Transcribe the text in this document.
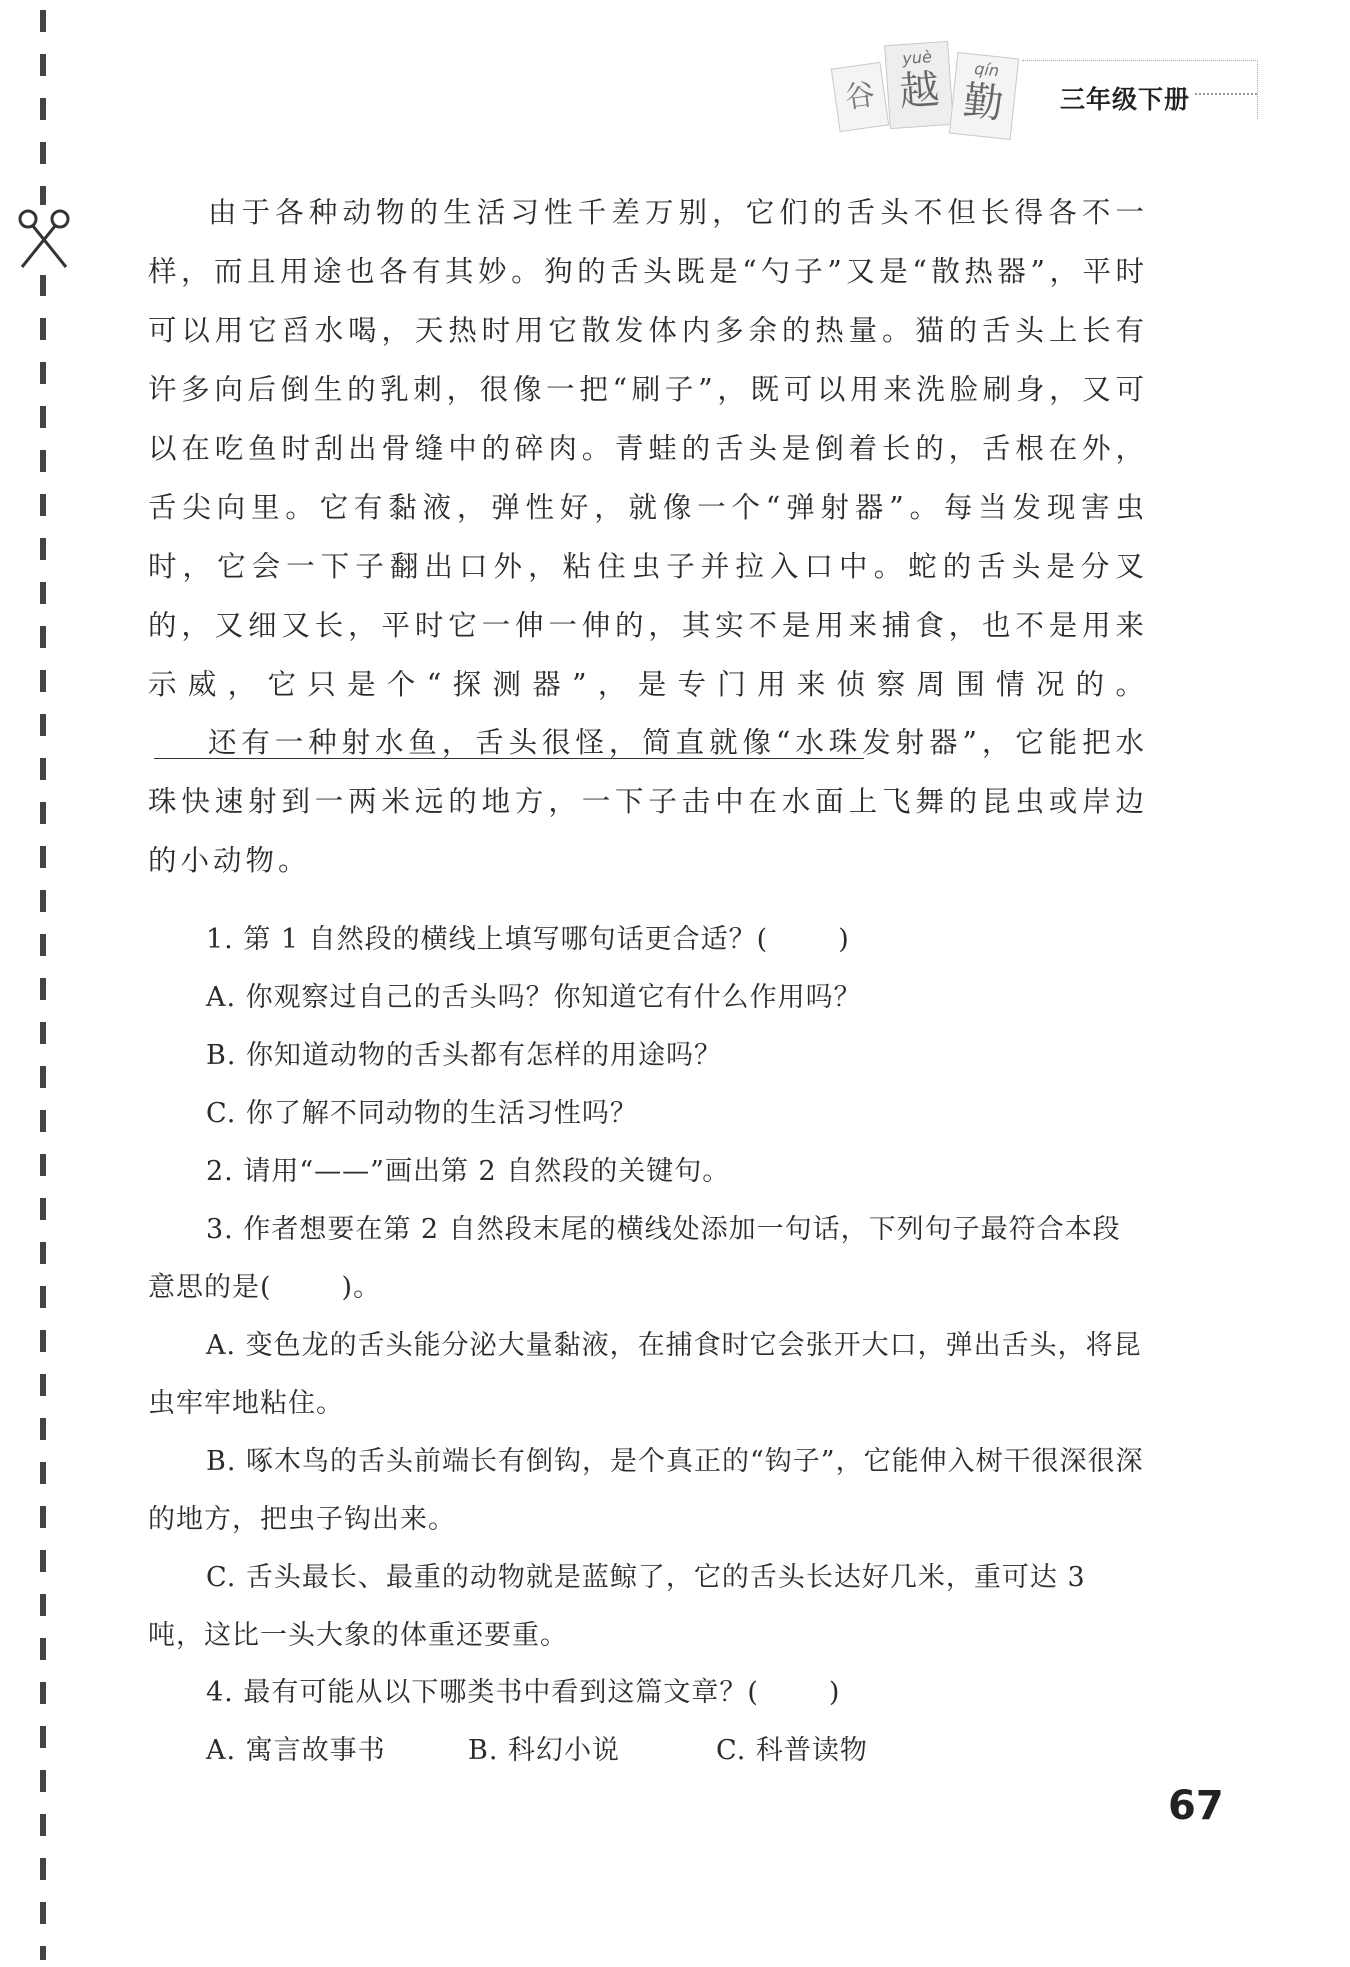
谷
yuè
越	qín
勤	三年级下册

由于各种动物的生活习性千差万别，它们的舌头不但长得各不一样，而且用途也各有其妙。狗的舌头既是“勺子”又是“散热器”，平时可以用它舀水喝，天热时用它散发体内多余的热量。猫的舌头上长有许多向后倒生的乳刺，很像一把“刷子”，既可以用来洗脸刷身，又可以在吃鱼时刮出骨缝中的碎肉。青蛙的舌头是倒着长的，舌根在外，舌尖向里。它有黏液，弹性好，就像一个“弹射器”。每当发现害虫时，它会一下子翻出口外，粘住虫子并拉入口中。蛇的舌头是分叉的，又细又长，平时它一伸一伸的，其实不是用来捕食，也不是用来示威，它只是个“探测器”，是专门用来侦察周围情况的。

还有一种射水鱼，舌头很怪，简直就像“水珠发射器”，它能把水珠快速射到一两米远的地方，一下子击中在水面上飞舞的昆虫或岸边的小动物。

1. 第 1 自然段的横线上填写哪句话更合适？(	)

A. 你观察过自己的舌头吗？你知道它有什么作用吗？

B. 你知道动物的舌头都有怎样的用途吗？

C. 你了解不同动物的生活习性吗？

2. 请用“——”画出第 2 自然段的关键句。

3. 作者想要在第 2 自然段末尾的横线处添加一句话，下列句子最符合本段意思的是(	)。

A. 变色龙的舌头能分泌大量黏液，在捕食时它会张开大口，弹出舌头，将昆虫牢牢地粘住。

B. 啄木鸟的舌头前端长有倒钩，是个真正的“钩子”，它能伸入树干很深很深的地方，把虫子钩出来。

C. 舌头最长、最重的动物就是蓝鲸了，它的舌头长达好几米，重可达 3 吨，这比一头大象的体重还要重。

4. 最有可能从以下哪类书中看到这篇文章？(	)

A. 寓言故事书	B. 科幻小说	C. 科普读物
67
